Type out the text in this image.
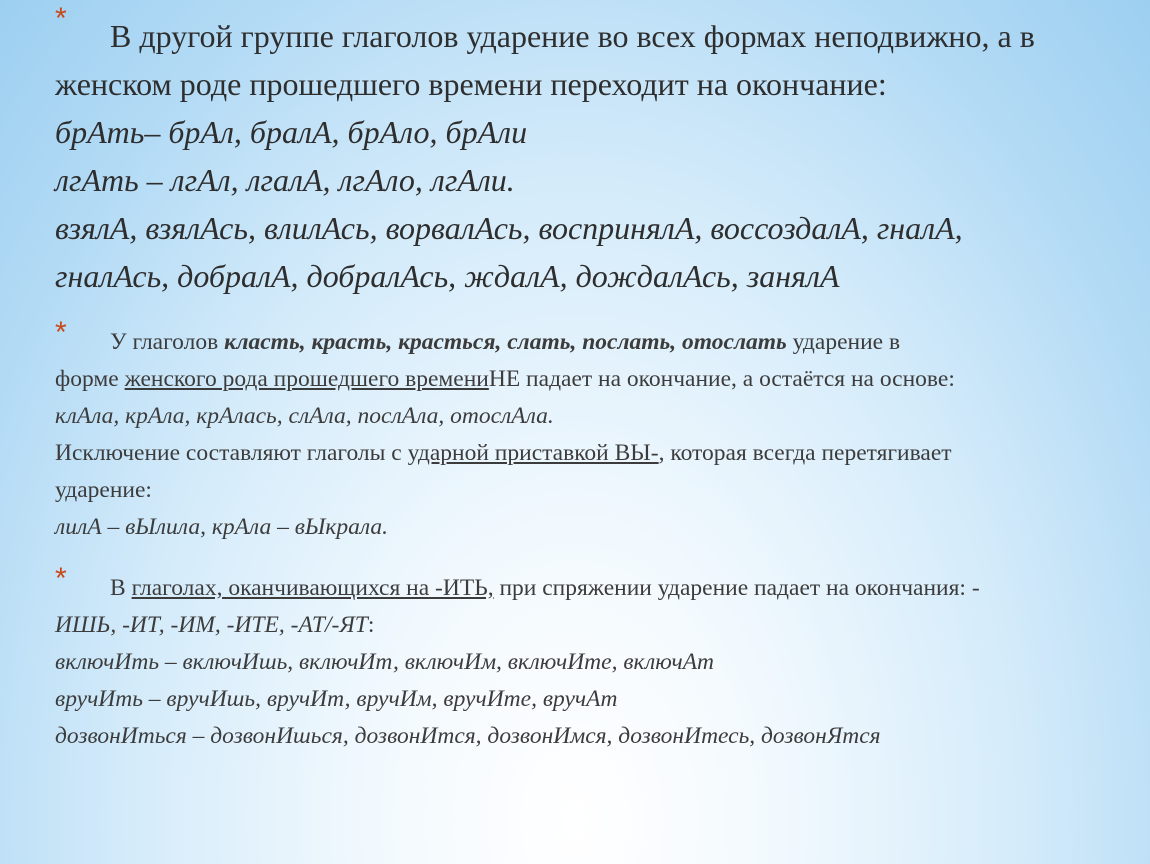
*	В другой группе глаголов ударение во всех формах неподвижно, а в
женском роде прошедшего времени переходит на окончание:
брАть– брАл, бралА, брАло, брАли
лгАть – лгАл, лгалА, лгАло, лгАли.
взялА, взялАсь, влилАсь, ворвалАсь, воспринялА, воссоздалА, гналА,
гналАсь, добралА, добралАсь, ждалА, дождалАсь, занялА
*	У глаголов класть, красть, красться, слать, послать, отослать ударение в
форме женского рода прошедшего времениНЕ падает на окончание, а остаётся на основе:
клАла, крАла, крАлась, слАла, послАла, отослАла.
Исключение составляют глаголы с ударной приставкой ВЫ-, которая всегда перетягивает
ударение:
лилА – вЫлила, крАла – вЫкрала.
*	В глаголах, оканчивающихся на -ИТЬ, при спряжении ударение падает на окончания: -
ИШЬ, -ИТ, -ИМ, -ИТЕ, -АТ/-ЯТ:
включИть – включИшь, включИт, включИм, включИте, включАт
вручИть – вручИшь, вручИт, вручИм, вручИте, вручАт
дозвонИться – дозвонИшься, дозвонИтся, дозвонИмся, дозвонИтесь, дозвонЯтся
